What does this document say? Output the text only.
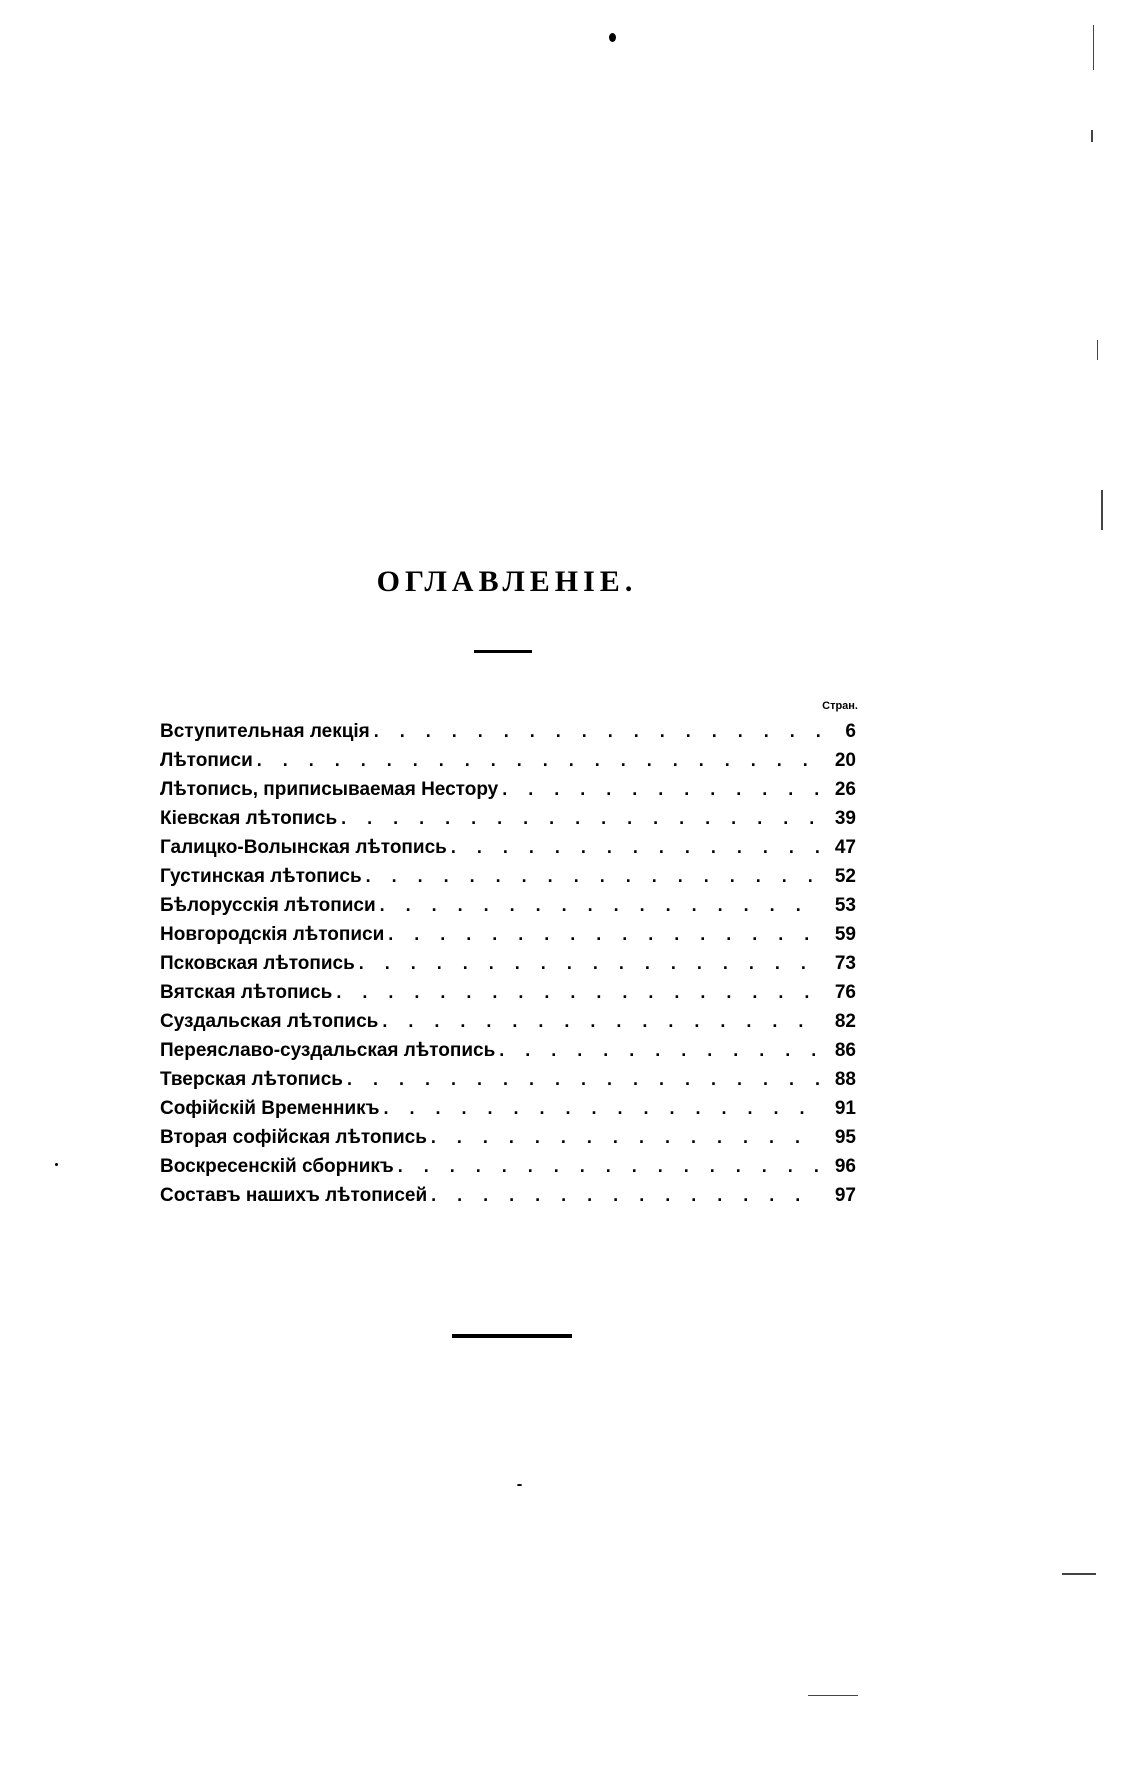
ОГЛАВЛЕНІЕ.
Стран.
Вступительная лекція . . .	6
Лѣтописи . . .	20
Лѣтопись, приписываемая Нестору . . .	26
Кіевская лѣтопись . . .	39
Галицко-Волынская лѣтопись . . .	47
Густинская лѣтопись . . .	52
Бѣлорусскія лѣтописи . . .	53
Новгородскія лѣтописи . . .	59
Псковская лѣтопись . . .	73
Вятская лѣтопись . . .	76
Суздальская лѣтопись . . .	82
Переяславо-суздальская лѣтопись . . .	86
Тверская лѣтопись . . .	88
Софійскій Временникъ . . .	91
Вторая софійская лѣтопись . . .	95
Воскресенскій сборникъ . . .	96
Составъ нашихъ лѣтописей . . .	97
